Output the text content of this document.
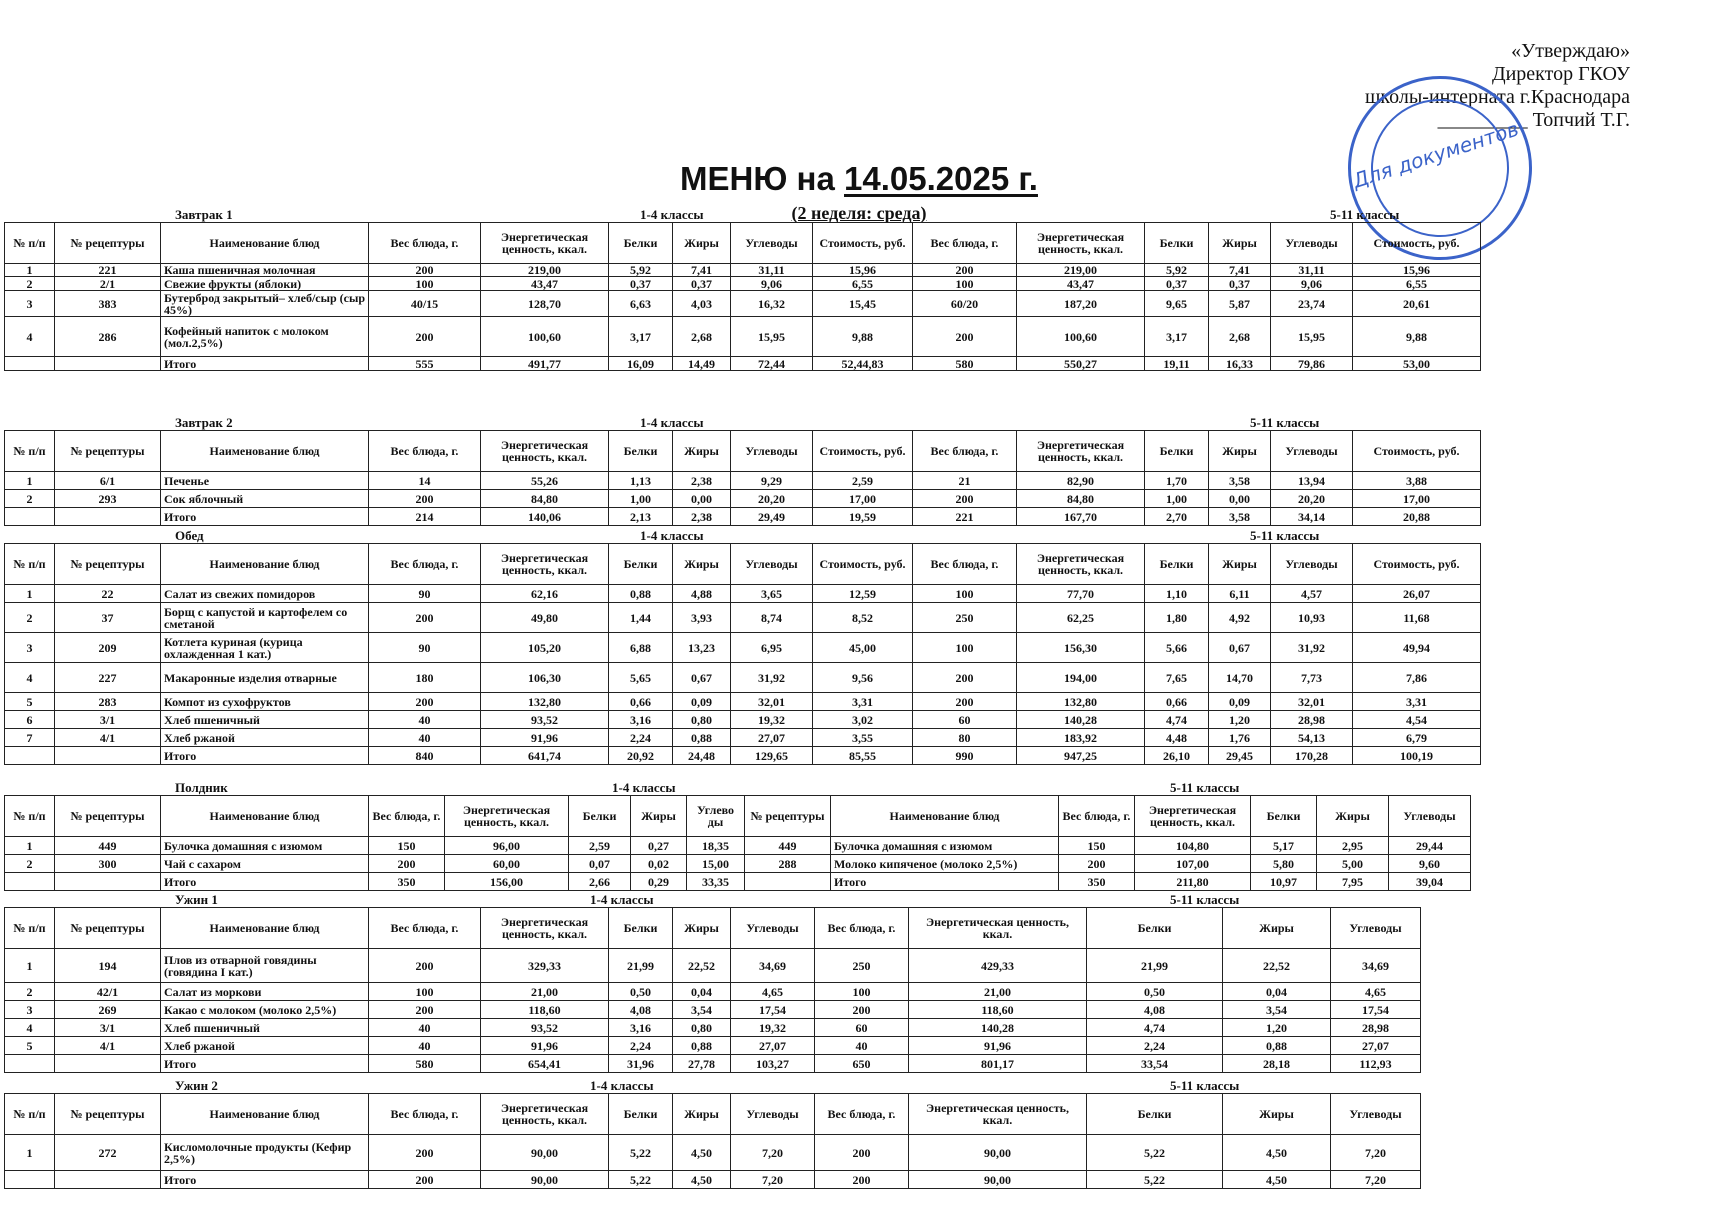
«Утверждаю»
Директор ГКОУ
школы-интерната г.Краснодара
_________ Топчий Т.Г.
Для документов
МЕНЮ на 14.05.2025 г.
(2 неделя: среда)
Завтрак 1	1-4 классы	5-11 классы
№ п/п	№ рецептуры	Наименование блюд	Вес блюда, г.	Энергетическая ценность, ккал.	Белки	Жиры	Углеводы	Стоимость, руб.	Вес блюда, г.	Энергетическая ценность, ккал.	Белки	Жиры	Углеводы	Стоимость, руб.
1	221	Каша пшеничная молочная	200	219,00	5,92	7,41	31,11	15,96	200	219,00	5,92	7,41	31,11	15,96
2	2/1	Свежие фрукты (яблоки)	100	43,47	0,37	0,37	9,06	6,55	100	43,47	0,37	0,37	9,06	6,55
3	383	Бутерброд закрытый– хлеб/сыр (сыр 45%)	40/15	128,70	6,63	4,03	16,32	15,45	60/20	187,20	9,65	5,87	23,74	20,61
4	286	Кофейный напиток с молоком (мол.2,5%)	200	100,60	3,17	2,68	15,95	9,88	200	100,60	3,17	2,68	15,95	9,88
		Итого	555	491,77	16,09	14,49	72,44	52,44,83	580	550,27	19,11	16,33	79,86	53,00
Завтрак 2	1-4 классы	5-11 классы
№ п/п	№ рецептуры	Наименование блюд	Вес блюда, г.	Энергетическая ценность, ккал.	Белки	Жиры	Углеводы	Стоимость, руб.	Вес блюда, г.	Энергетическая ценность, ккал.	Белки	Жиры	Углеводы	Стоимость, руб.
1	6/1	Печенье	14	55,26	1,13	2,38	9,29	2,59	21	82,90	1,70	3,58	13,94	3,88
2	293	Сок яблочный	200	84,80	1,00	0,00	20,20	17,00	200	84,80	1,00	0,00	20,20	17,00
		Итого	214	140,06	2,13	2,38	29,49	19,59	221	167,70	2,70	3,58	34,14	20,88
Обед	1-4 классы	5-11 классы
№ п/п	№ рецептуры	Наименование блюд	Вес блюда, г.	Энергетическая ценность, ккал.	Белки	Жиры	Углеводы	Стоимость, руб.	Вес блюда, г.	Энергетическая ценность, ккал.	Белки	Жиры	Углеводы	Стоимость, руб.
1	22	Салат из свежих помидоров	90	62,16	0,88	4,88	3,65	12,59	100	77,70	1,10	6,11	4,57	26,07
2	37	Борщ с капустой и картофелем со сметаной	200	49,80	1,44	3,93	8,74	8,52	250	62,25	1,80	4,92	10,93	11,68
3	209	Котлета куриная (курица охлажденная 1 кат.)	90	105,20	6,88	13,23	6,95	45,00	100	156,30	5,66	0,67	31,92	49,94
4	227	Макаронные изделия отварные	180	106,30	5,65	0,67	31,92	9,56	200	194,00	7,65	14,70	7,73	7,86
5	283	Компот из сухофруктов	200	132,80	0,66	0,09	32,01	3,31	200	132,80	0,66	0,09	32,01	3,31
6	3/1	Хлеб пшеничный	40	93,52	3,16	0,80	19,32	3,02	60	140,28	4,74	1,20	28,98	4,54
7	4/1	Хлеб ржаной	40	91,96	2,24	0,88	27,07	3,55	80	183,92	4,48	1,76	54,13	6,79
		Итого	840	641,74	20,92	24,48	129,65	85,55	990	947,25	26,10	29,45	170,28	100,19
Полдник	1-4 классы	5-11 классы
№ п/п	№ рецептуры	Наименование блюд	Вес блюда, г.	Энергетическая ценность, ккал.	Белки	Жиры	Углево ды	№ рецептуры	Наименование блюд	Вес блюда, г.	Энергетическая ценность, ккал.	Белки	Жиры	Углеводы
1	449	Булочка домашняя с изюмом	150	96,00	2,59	0,27	18,35	449	Булочка домашняя с изюмом	150	104,80	5,17	2,95	29,44
2	300	Чай с сахаром	200	60,00	0,07	0,02	15,00	288	Молоко кипяченое (молоко 2,5%)	200	107,00	5,80	5,00	9,60
		Итого	350	156,00	2,66	0,29	33,35		Итого	350	211,80	10,97	7,95	39,04
Ужин 1	1-4 классы	5-11 классы
№ п/п	№ рецептуры	Наименование блюд	Вес блюда, г.	Энергетическая ценность, ккал.	Белки	Жиры	Углеводы	Вес блюда, г.	Энергетическая ценность, ккал.	Белки	Жиры	Углеводы
1	194	Плов из отварной говядины (говядина I кат.)	200	329,33	21,99	22,52	34,69	250	429,33	21,99	22,52	34,69
2	42/1	Салат из моркови	100	21,00	0,50	0,04	4,65	100	21,00	0,50	0,04	4,65
3	269	Какао с молоком (молоко 2,5%)	200	118,60	4,08	3,54	17,54	200	118,60	4,08	3,54	17,54
4	3/1	Хлеб пшеничный	40	93,52	3,16	0,80	19,32	60	140,28	4,74	1,20	28,98
5	4/1	Хлеб ржаной	40	91,96	2,24	0,88	27,07	40	91,96	2,24	0,88	27,07
		Итого	580	654,41	31,96	27,78	103,27	650	801,17	33,54	28,18	112,93
Ужин 2	1-4 классы	5-11 классы
№ п/п	№ рецептуры	Наименование блюд	Вес блюда, г.	Энергетическая ценность, ккал.	Белки	Жиры	Углеводы	Вес блюда, г.	Энергетическая ценность, ккал.	Белки	Жиры	Углеводы
1	272	Кисломолочные продукты (Кефир 2,5%)	200	90,00	5,22	4,50	7,20	200	90,00	5,22	4,50	7,20
		Итого	200	90,00	5,22	4,50	7,20	200	90,00	5,22	4,50	7,20
